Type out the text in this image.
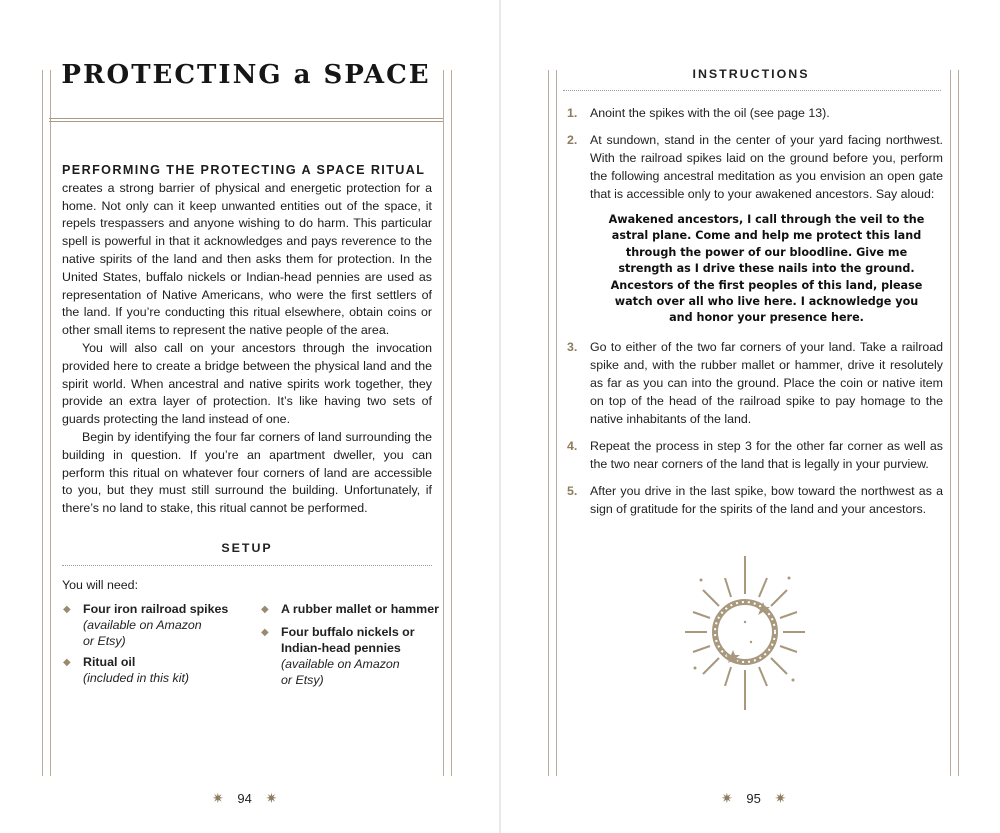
PROTECTING a SPACE

PERFORMING THE PROTECTING A SPACE RITUAL
creates a strong barrier of physical and energetic protection for a home. Not only can it keep unwanted entities out of the space, it repels trespassers and anyone wishing to do harm. This particular spell is powerful in that it acknowledges and pays reverence to the native spirits of the land and then asks them for protection. In the United States, buffalo nickels or Indian-head pennies are used as representation of Native Americans, who were the first settlers of the land. If you’re conducting this ritual elsewhere, obtain coins or other small items to represent the native people of the area.

You will also call on your ancestors through the invocation provided here to create a bridge between the physical land and the spirit world. When ancestral and native spirits work together, they provide an extra layer of protection. It’s like having two sets of guards protecting the land instead of one.

Begin by identifying the four far corners of land surrounding the building in question. If you’re an apartment dweller, you can perform this ritual on whatever four corners of land are accessible to you, but they must still surround the building. Unfortunately, if there’s no land to stake, this ritual cannot be performed.

SETUP
You will need:
◆ Four iron railroad spikes
(available on Amazon
or Etsy)
◆ Ritual oil
(included in this kit)
◆ A rubber mallet or hammer
◆ Four buffalo nickels or
Indian-head pennies
(available on Amazon
or Etsy)
✷ 94 ✷
INSTRUCTIONS
1. Anoint the spikes with the oil (see page 13).
2. At sundown, stand in the center of your yard facing northwest. With the railroad spikes laid on the ground before you, perform the following ancestral meditation as you envision an open gate that is accessible only to your awakened ancestors. Say aloud:
Awakened ancestors, I call through the veil to the astral plane. Come and help me protect this land through the power of our bloodline. Give me strength as I drive these nails into the ground. Ancestors of the first peoples of this land, please watch over all who live here. I acknowledge you and honor your presence here.
3. Go to either of the two far corners of your land. Take a railroad spike and, with the rubber mallet or hammer, drive it resolutely as far as you can into the ground. Place the coin or native item on top of the head of the railroad spike to pay homage to the native inhabitants of the land.
4. Repeat the process in step 3 for the other far corner as well as the two near corners of the land that is legally in your purview.
5. After you drive in the last spike, bow toward the northwest as a sign of gratitude for the spirits of the land and your ancestors.
✷ 95 ✷
